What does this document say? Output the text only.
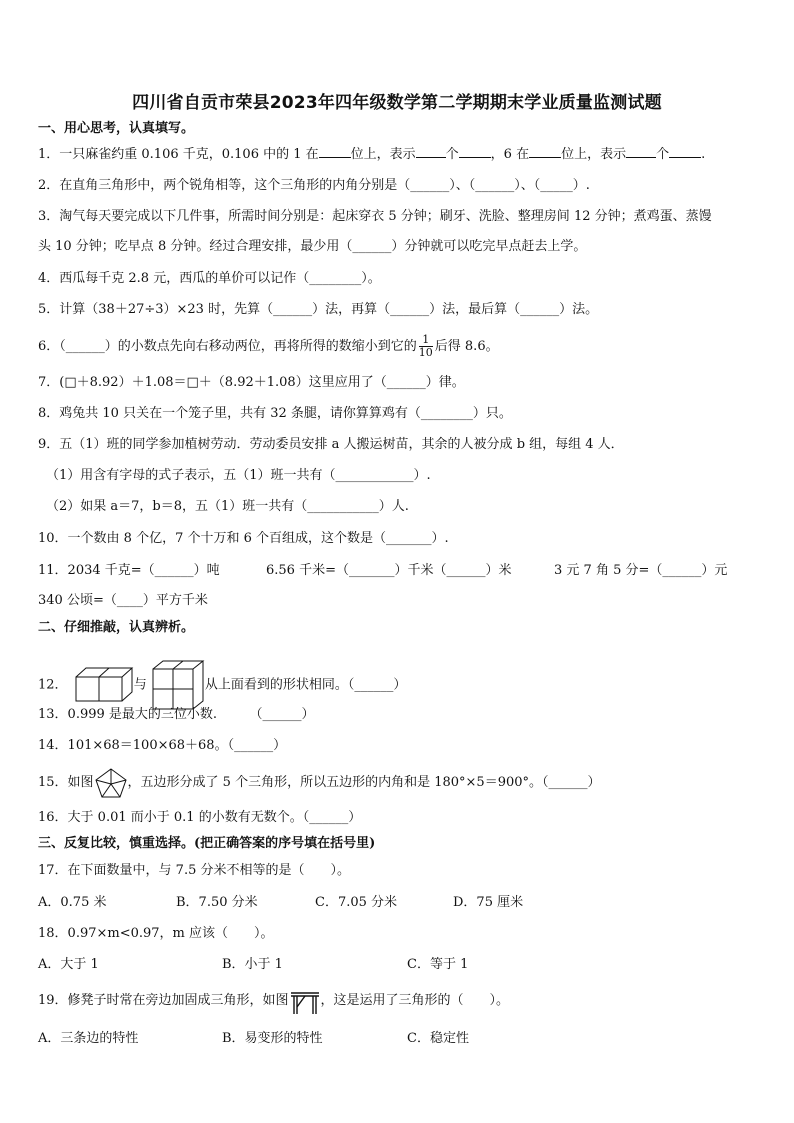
四川省自贡市荣县2023年四年级数学第二学期期末学业质量监测试题
一、用心思考，认真填写。
1．一只麻雀约重 0.106 千克，0.106 中的 1 在 位上，表示 个 ，6 在 位上，表示 个 .
2．在直角三角形中，两个锐角相等，这个三角形的内角分别是（______）、（______）、（_____）.
3．淘气每天要完成以下几件事，所需时间分别是：起床穿衣 5 分钟；刷牙、洗脸、整理房间 12 分钟；煮鸡蛋、蒸馒
头 10 分钟；吃早点 8 分钟。经过合理安排，最少用（______）分钟就可以吃完早点赶去上学。
4．西瓜每千克 2.8 元，西瓜的单价可以记作（________）。
5．计算（38＋27÷3）×23 时，先算（______）法，再算（______）法，最后算（______）法。
6．（______）的小数点先向右移动两位，再将所得的数缩小到它的 $\frac{1}{10}$ 后得 8.6。
7．(□＋8.92）＋1.08＝□＋（8.92＋1.08）这里应用了（______）律。
8．鸡兔共 10 只关在一个笼子里，共有 32 条腿，请你算算鸡有（________）只。
9．五（1）班的同学参加植树劳动．劳动委员安排 a 人搬运树苗，其余的人被分成 b 组，每组 4 人．
（1）用含有字母的式子表示，五（1）班一共有（____________）.
（2）如果 a＝7，b＝8，五（1）班一共有（___________）人.
10．一个数由 8 个亿，7 个十万和 6 个百组成，这个数是（_______）.
11．2034 千克=（______）吨	6.56 千米=（_______）千米（______）米	3 元 7 角 5 分=（______）元
340 公顷=（____）平方千米
二、仔细推敲，认真辨析。
12．	与	从上面看到的形状相同。（______）
13．0.999 是最大的三位小数.　　　（______）
14．101×68＝100×68＋68。（______）
15．如图	，五边形分成了 5 个三角形，所以五边形的内角和是 180°×5＝900°。（______）
16．大于 0.01 而小于 0.1 的小数有无数个。（______）
三、反复比较，慎重选择。(把正确答案的序号填在括号里)
17．在下面数量中，与 7.5 分米不相等的是（　　）。
A．0.75 米	B．7.50 分米	C．7.05 分米	D．75 厘米
18．0.97×m<0.97，m 应该（　　）。
A．大于 1	B．小于 1	C．等于 1
19．修凳子时常在旁边加固成三角形，如图 ，这是运用了三角形的（　　）。
A．三条边的特性	B．易变形的特性	C．稳定性
